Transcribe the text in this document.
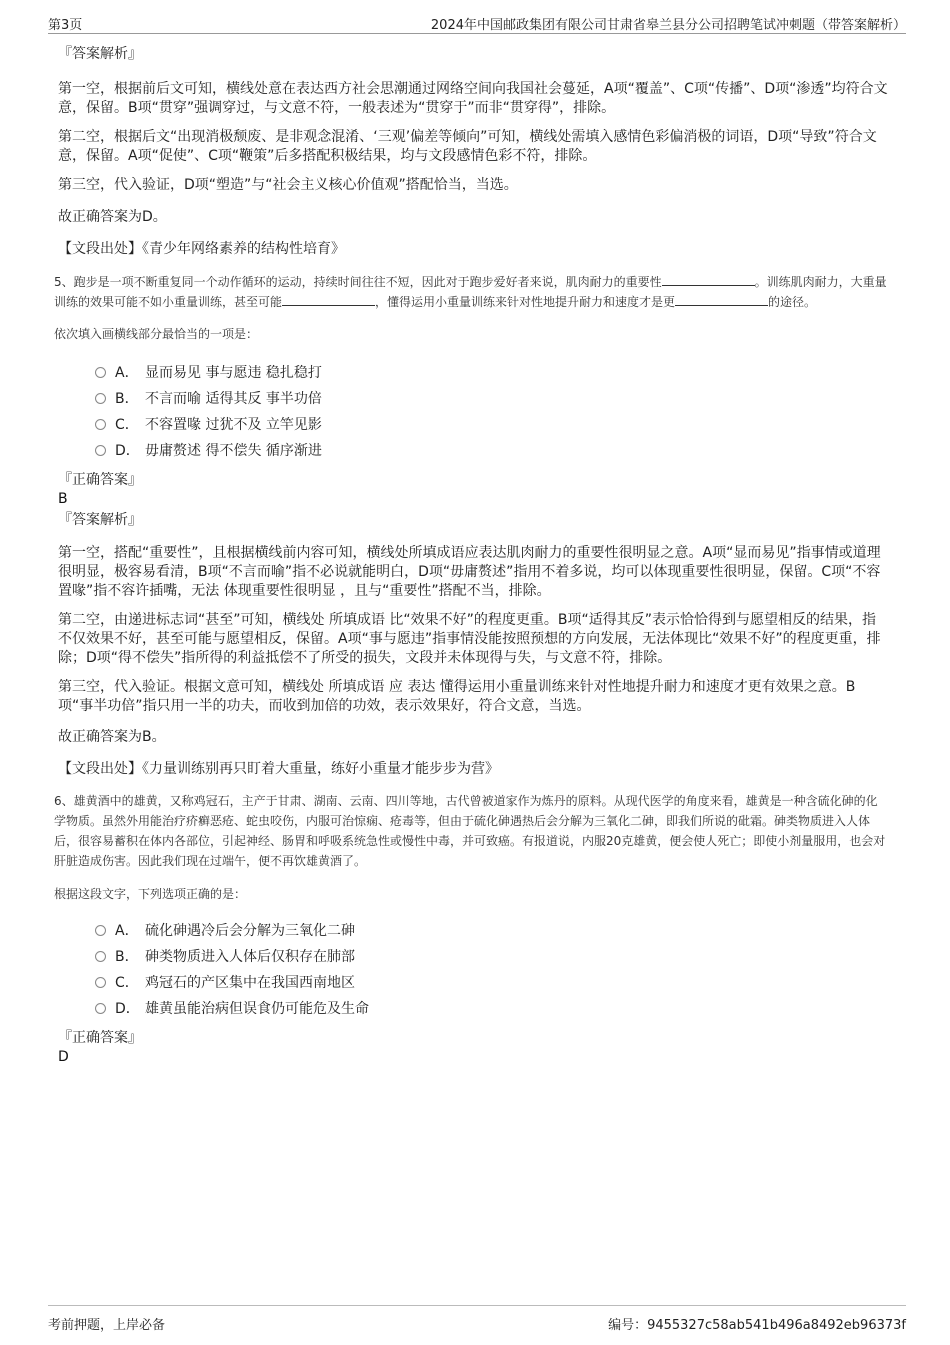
第3页	2024年中国邮政集团有限公司甘肃省皋兰县分公司招聘笔试冲刺题（带答案解析）
『答案解析』

第一空，根据前后文可知，横线处意在表达西方社会思潮通过网络空间向我国社会蔓延，A项“覆盖”、C项“传播”、D项“渗透”均符合文意，保留。B项“贯穿”强调穿过，与文意不符，一般表述为“贯穿于”而非“贯穿得”，排除。

第二空，根据后文“出现消极颓废、是非观念混淆、‘三观’偏差等倾向”可知，横线处需填入感情色彩偏消极的词语，D项“导致”符合文意，保留。A项“促使”、C项“鞭策”后多搭配积极结果，均与文段感情色彩不符，排除。

第三空，代入验证，D项“塑造”与“社会主义核心价值观”搭配恰当，当选。

故正确答案为D。

【文段出处】《青少年网络素养的结构性培育》

5、跑步是一项不断重复同一个动作循环的运动，持续时间往往不短，因此对于跑步爱好者来说，肌肉耐力的重要性	。训练肌肉耐力，大重量训练的效果可能不如小重量训练，甚至可能	，懂得运用小重量训练来针对性地提升耐力和速度才是更	的途径。

依次填入画横线部分最恰当的一项是：

A． 显而易见 事与愿违 稳扎稳打
B． 不言而喻 适得其反 事半功倍
C． 不容置喙 过犹不及 立竿见影
D． 毋庸赘述 得不偿失 循序渐进
『正确答案』
B
『答案解析』

第一空，搭配“重要性”，且根据横线前内容可知，横线处所填成语应表达肌肉耐力的重要性很明显之意。A项“显而易见”指事情或道理很明显，极容易看清，B项“不言而喻”指不必说就能明白，D项“毋庸赘述”指用不着多说，均可以体现重要性很明显，保留。C项“不容置喙”指不容许插嘴，无法 体现重要性很明显 ，且与“重要性”搭配不当，排除。

第二空，由递进标志词“甚至”可知，横线处 所填成语 比“效果不好”的程度更重。B项“适得其反”表示恰恰得到与愿望相反的结果，指不仅效果不好，甚至可能与愿望相反，保留。A项“事与愿违”指事情没能按照预想的方向发展，无法体现比“效果不好”的程度更重，排除；D项“得不偿失”指所得的利益抵偿不了所受的损失，文段并未体现得与失，与文意不符，排除。

第三空，代入验证。根据文意可知，横线处 所填成语 应 表达 懂得运用小重量训练来针对性地提升耐力和速度才更有效果之意。B项“事半功倍”指只用一半的功夫，而收到加倍的功效，表示效果好，符合文意，当选。

故正确答案为B。

【文段出处】《力量训练别再只盯着大重量，练好小重量才能步步为营》

6、雄黄酒中的雄黄，又称鸡冠石，主产于甘肃、湖南、云南、四川等地，古代曾被道家作为炼丹的原料。从现代医学的角度来看，雄黄是一种含硫化砷的化学物质。虽然外用能治疗疥癣恶疮、蛇虫咬伤，内服可治惊痫、疮毒等，但由于硫化砷遇热后会分解为三氧化二砷，即我们所说的砒霜。砷类物质进入人体后，很容易蓄积在体内各部位，引起神经、肠胃和呼吸系统急性或慢性中毒，并可致癌。有报道说，内服20克雄黄，便会使人死亡；即使小剂量服用，也会对肝脏造成伤害。因此我们现在过端午，便不再饮雄黄酒了。

根据这段文字，下列选项正确的是：

A． 硫化砷遇冷后会分解为三氧化二砷
B． 砷类物质进入人体后仅积存在肺部
C． 鸡冠石的产区集中在我国西南地区
D． 雄黄虽能治病但误食仍可能危及生命
『正确答案』
D
考前押题，上岸必备	编号：9455327c58ab541b496a8492eb96373f
